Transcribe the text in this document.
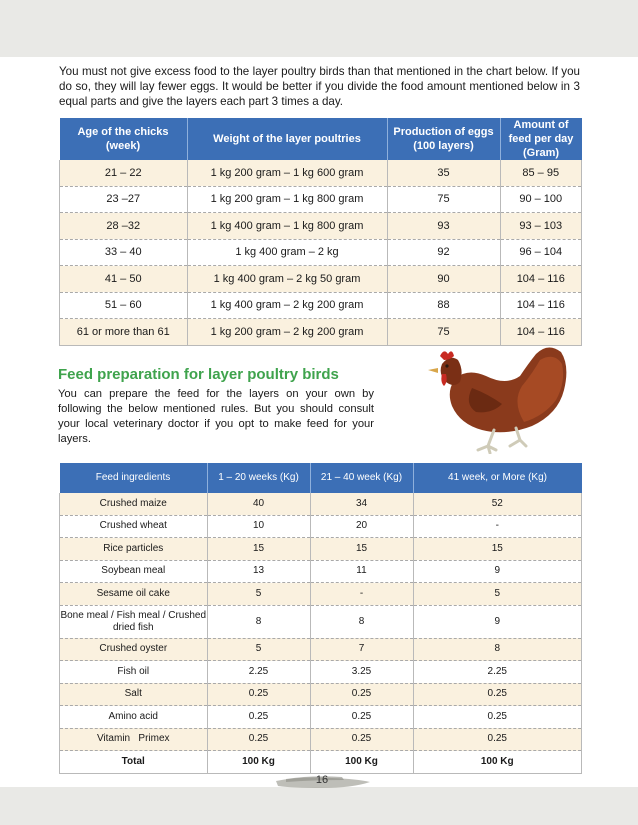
You must not give excess food to the layer poultry birds than that mentioned in the chart below. If you do so, they will lay fewer eggs. It would be better if you divide the food amount mentioned below in 3 equal parts and give the layers each part 3 times a day.

Age of the chicks (week)	Weight of the layer poultries	Production of eggs (100 layers)	Amount of feed per day (Gram)
21 – 22	1 kg 200 gram – 1 kg 600 gram	35	85 – 95
23 –27	1 kg 200 gram – 1 kg 800 gram	75	90 – 100
28 –32	1 kg 400 gram – 1 kg 800 gram	93	93 – 103
33 – 40	1 kg 400 gram – 2 kg	92	96 – 104
41 – 50	1 kg 400 gram – 2 kg 50 gram	90	104 – 116
51 – 60	1 kg 400 gram – 2 kg 200 gram	88	104 – 116
61 or more than 61	1 kg 200 gram – 2 kg 200 gram	75	104 – 116
Feed preparation for layer poultry birds

You can prepare the feed for the layers on your own by following the below mentioned rules. But you should consult your local veterinary doctor if you opt to make feed for your layers.

Feed ingredients	1 – 20 weeks (Kg)	21 – 40 week (Kg)	41 week, or More (Kg)
Crushed maize	40	34	52
Crushed wheat	10	20	-
Rice particles	15	15	15
Soybean meal	13	11	9
Sesame oil cake	5	-	5
Bone meal / Fish meal / Crushed dried fish	8	8	9
Crushed oyster	5	7	8
Fish oil	2.25	3.25	2.25
Salt	0.25	0.25	0.25
Amino acid	0.25	0.25	0.25
Vitamin   Primex	0.25	0.25	0.25
Total	100 Kg	100 Kg	100 Kg
16
